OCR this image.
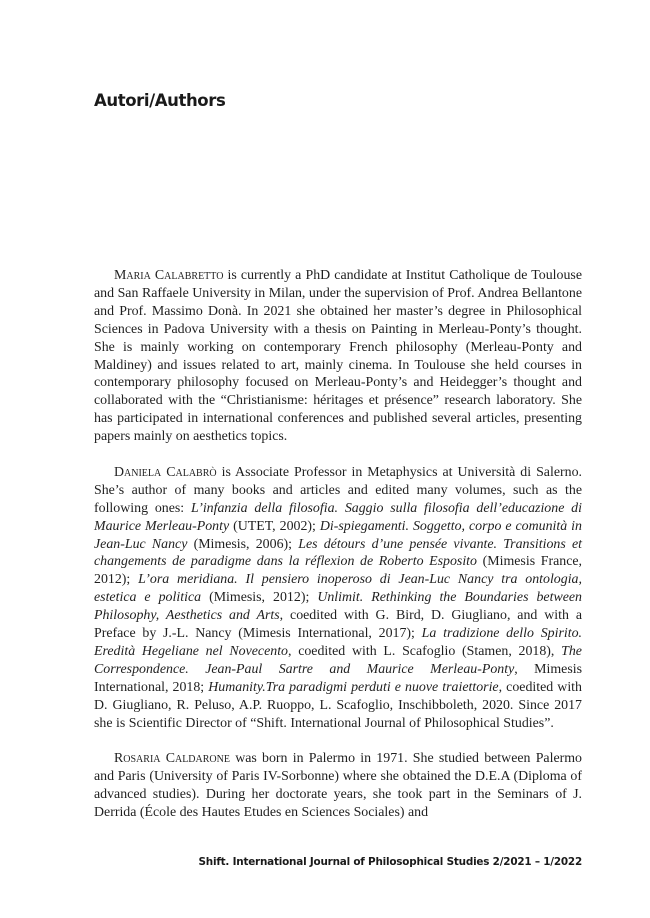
Autori/Authors

Maria Calabretto is currently a PhD candidate at Institut Catholique de Toulouse and San Raffaele University in Milan, under the supervision of Prof. Andrea Bellantone and Prof. Massimo Donà. In 2021 she obtained her master’s degree in Philosophical Sciences in Padova University with a thesis on Painting in Merleau-Ponty’s thought. She is mainly working on contemporary French philosophy (Merleau-Ponty and Maldiney) and issues related to art, mainly cinema. In Toulouse she held courses in contemporary philosophy focused on Merleau-Ponty’s and Heidegger’s thought and collaborated with the “Christianisme: héritages et présence” research laboratory. She has participated in international conferences and published several articles, presenting papers mainly on aesthetics topics.

Daniela Calabrò is Associate Professor in Metaphysics at Università di Salerno. She’s author of many books and articles and edited many volumes, such as the following ones: L’infanzia della filosofia. Saggio sulla filosofia dell’educazione di Maurice Merleau-Ponty (UTET, 2002); Di-spiegamenti. Soggetto, corpo e comunità in Jean-Luc Nancy (Mimesis, 2006); Les détours d’une pensée vivante. Transitions et changements de paradigme dans la réflexion de Roberto Esposito (Mimesis France, 2012); L’ora meridiana. Il pensiero inoperoso di Jean-Luc Nancy tra ontologia, estetica e politica (Mimesis, 2012); Unlimit. Rethinking the Boundaries between Philosophy, Aesthetics and Arts, coedited with G. Bird, D. Giugliano, and with a Preface by J.-L. Nancy (Mimesis International, 2017); La tradizione dello Spirito. Eredità Hegeliane nel Novecento, coedited with L. Scafoglio (Stamen, 2018), The Correspondence. Jean-Paul Sartre and Maurice Merleau-Ponty, Mimesis International, 2018; Humanity.Tra paradigmi perduti e nuove traiettorie, coedited with D. Giugliano, R. Peluso, A.P. Ruoppo, L. Scafoglio, Inschibboleth, 2020. Since 2017 she is Scientific Director of “Shift. International Journal of Philosophical Studies”.

Rosaria Caldarone was born in Palermo in 1971. She studied between Palermo and Paris (University of Paris IV-Sorbonne) where she obtained the D.E.A (Diploma of advanced studies). During her doctorate years, she took part in the Seminars of J. Derrida (École des Hautes Etudes en Sciences Sociales) and

Shift. International Journal of Philosophical Studies 2/2021 – 1/2022
